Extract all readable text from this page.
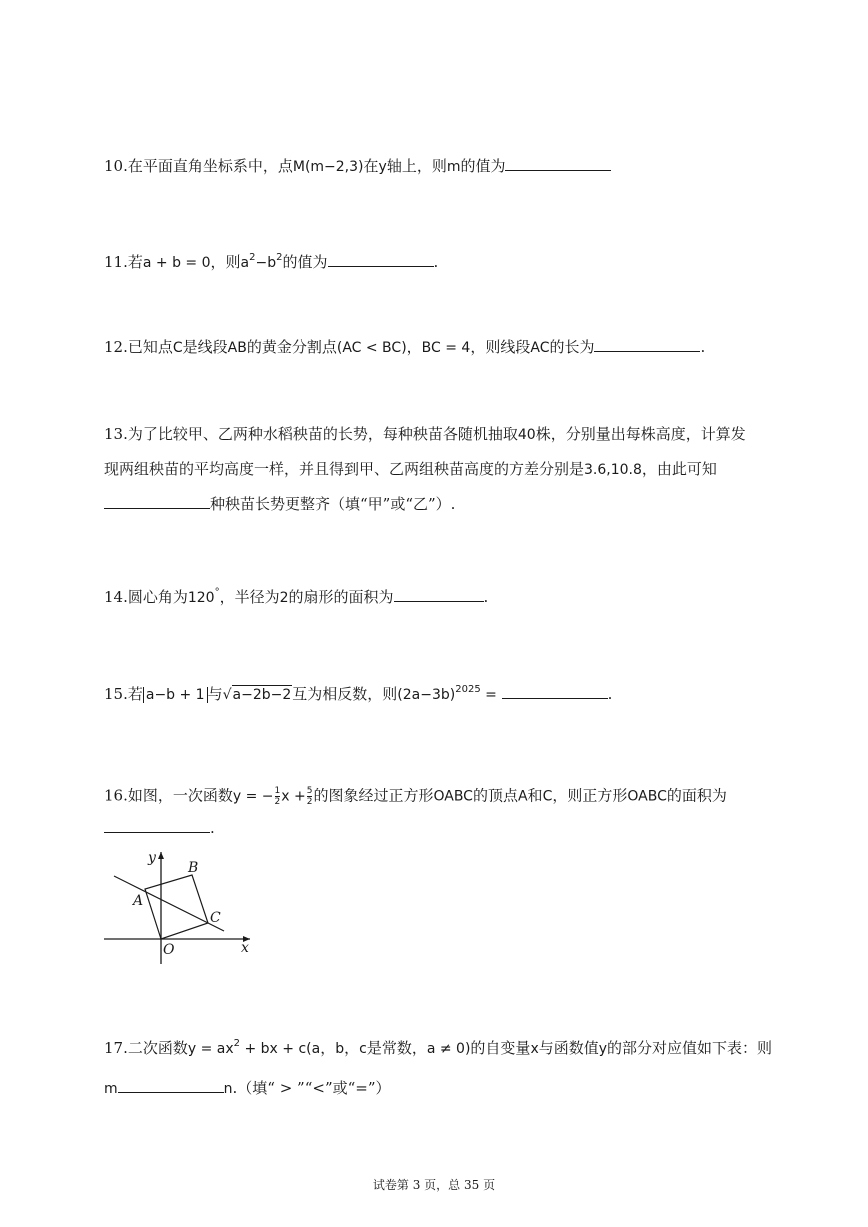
10.在平面直角坐标系中，点M(m−2,3)在y轴上，则m的值为
11.若a + b = 0，则$a^2-b^2$的值为	.
12.已知点C是线段AB的黄金分割点(AC < BC)，BC = 4，则线段AC的长为	.
13.为了比较甲、乙两种水稻秧苗的长势，每种秧苗各随机抽取40株，分别量出每株高度，计算发
现两组秧苗的平均高度一样，并且得到甲、乙两组秧苗高度的方差分别是3.6,10.8，由此可知
种秧苗长势更整齐（填“甲”或“乙”）.
14.圆心角为120°，半径为2的扇形的面积为	.
15.若 a−b + 1 与√a−2b−2互为相反数，则$(2a-3b)^{2025}$ =	.
16.如图，一次函数y = − $\frac{1}{2}$ $x + \frac{5}{2}$ 的图象经过正方形OABC的顶点A和C，则正方形OABC的面积为
.
y
x
O
A
B
C
17.二次函数$y = ax^2$ + bx + c(a，b，c是常数，a ≠ 0)的自变量x与函数值y的部分对应值如下表：则
m	n.（填“ > ”“<”或“=”）
试卷第 3 页，总 35 页
